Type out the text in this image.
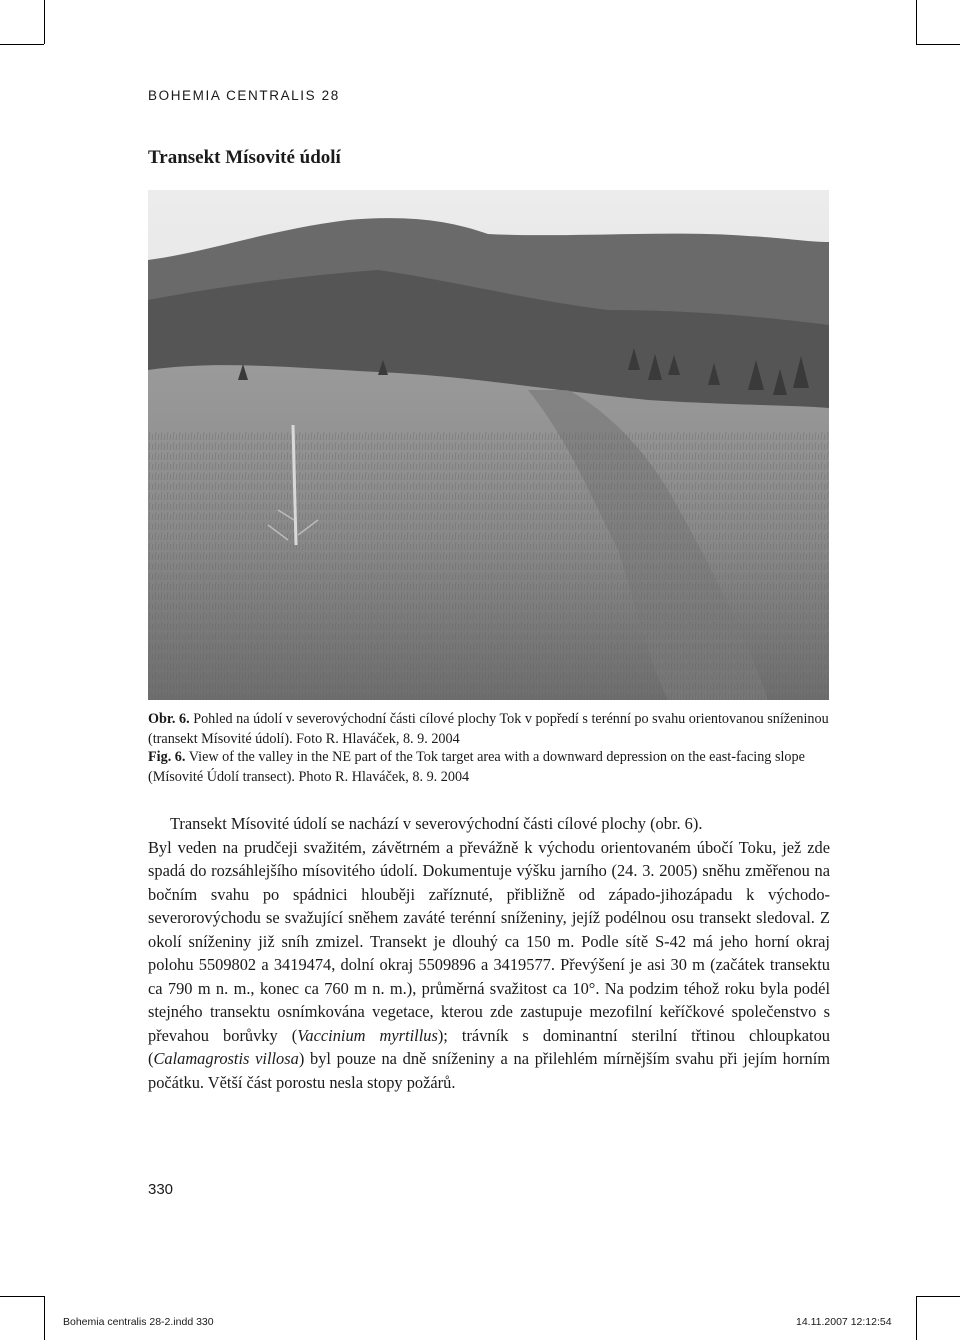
BOHEMIA CENTRALIS 28
Transekt Mísovité údolí

Obr. 6. Pohled na údolí v severovýchodní části cílové plochy Tok v popředí s terénní po svahu orientovanou sníženinou (transekt Mísovité údolí). Foto R. Hlaváček, 8. 9. 2004

Fig. 6. View of the valley in the NE part of the Tok target area with a downward depression on the east-facing slope (Mísovité Údolí transect). Photo R. Hlaváček, 8. 9. 2004

Transekt Mísovité údolí se nachází v severovýchodní části cílové plochy (obr. 6).
Byl veden na prudčeji svažitém, závětrném a převážně k východu orientovaném úbočí Toku, jež zde spadá do rozsáhlejšího mísovitého údolí. Dokumentuje výšku jarního (24. 3. 2005) sněhu změřenou na bočním svahu po spádnici hlouběji zaříznuté, přibližně od západo-jihozápadu k východo-severorovýchodu se svažující sněhem zaváté terénní sníženiny, jejíž podélnou osu transekt sledoval. Z okolí sníženiny již sníh zmizel. Transekt je dlouhý ca 150 m. Podle sítě S-42 má jeho horní okraj polohu 5509802 a 3419474, dolní okraj 5509896 a 3419577. Převýšení je asi 30 m (začátek transektu ca 790 m n. m., konec ca 760 m n. m.), průměrná svažitost ca 10°. Na podzim téhož roku byla podél stejného transektu osnímkována vegetace, kterou zde zastupuje mezofilní keříčkové společenstvo s převahou borůvky (Vaccinium myrtillus); trávník s dominantní sterilní třtinou chloupkatou (Calamagrostis villosa) byl pouze na dně sníženiny a na přilehlém mírnějším svahu při jejím horním počátku. Větší část porostu nesla stopy požárů.

330
Bohemia centralis 28-2.indd 330	14.11.2007 12:12:54
